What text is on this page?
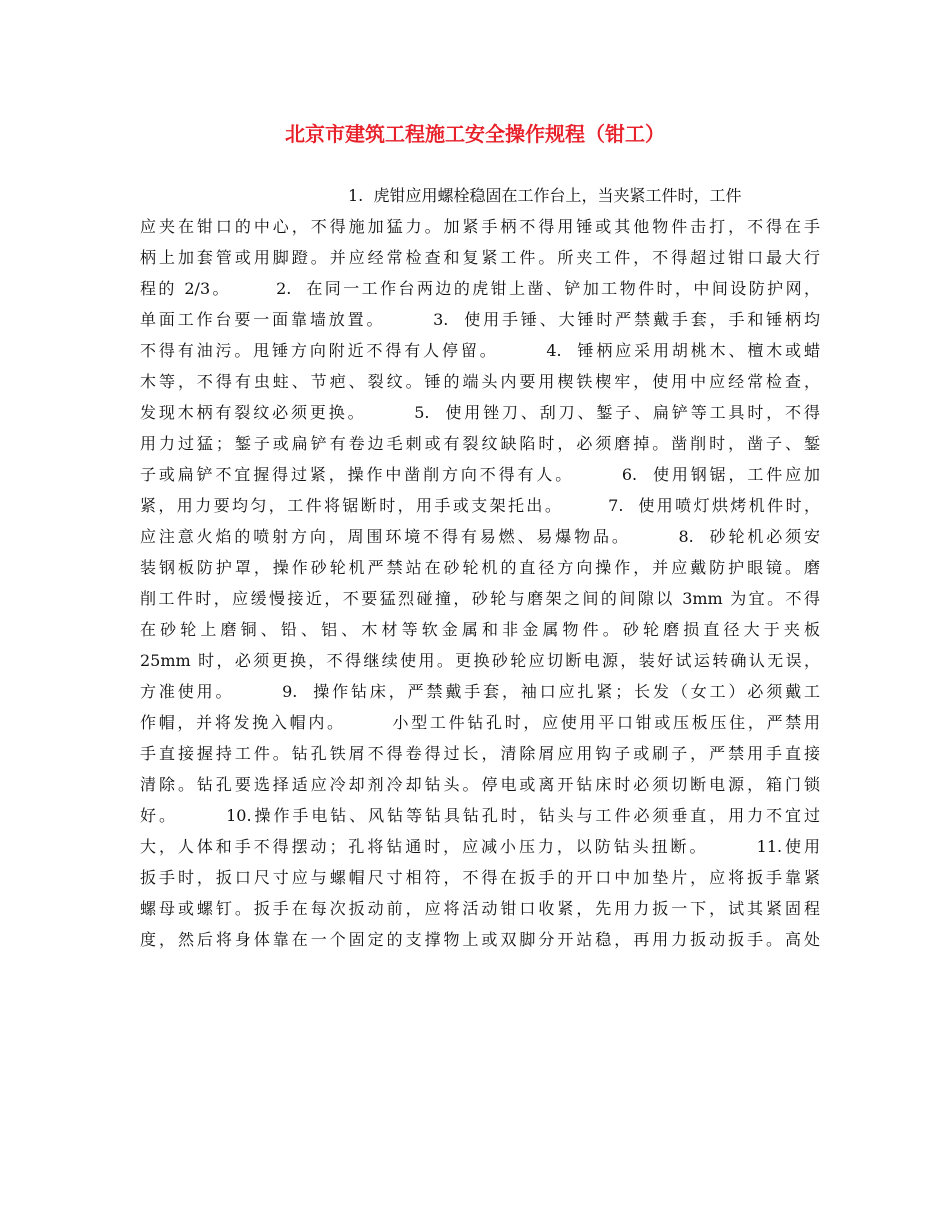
北京市建筑工程施工安全操作规程（钳工）
1.  虎钳应用螺栓稳固在工作台上，当夹紧工件时，工件
应夹在钳口的中心，不得施加猛力。加紧手柄不得用锤或其他物件击打，不得在手
柄上加套管或用脚蹬。并应经常检查和复紧工件。所夹工件，不得超过钳口最大行
程的 2/3。      2.  在同一工作台两边的虎钳上凿、铲加工物件时，中间设防护网，
单面工作台要一面靠墙放置。      3.  使用手锤、大锤时严禁戴手套，手和锤柄均
不得有油污。甩锤方向附近不得有人停留。      4.  锤柄应采用胡桃木、檀木或蜡
木等，不得有虫蛀、节疤、裂纹。锤的端头内要用楔铁楔牢，使用中应经常检查，
发现木柄有裂纹必须更换。      5.  使用锉刀、刮刀、錾子、扁铲等工具时，不得
用力过猛；錾子或扁铲有卷边毛刺或有裂纹缺陷时，必须磨掉。凿削时，凿子、錾
子或扁铲不宜握得过紧，操作中凿削方向不得有人。      6.  使用钢锯，工件应加
紧，用力要均匀，工件将锯断时，用手或支架托出。      7.  使用喷灯烘烤机件时，
应注意火焰的喷射方向，周围环境不得有易燃、易爆物品。      8.  砂轮机必须安
装钢板防护罩，操作砂轮机严禁站在砂轮机的直径方向操作，并应戴防护眼镜。磨
削工件时，应缓慢接近，不要猛烈碰撞，砂轮与磨架之间的间隙以 3mm 为宜。不得
在砂轮上磨铜、铅、铝、木材等软金属和非金属物件。砂轮磨损直径大于夹板
25mm 时，必须更换，不得继续使用。更换砂轮应切断电源，装好试运转确认无误，
方准使用。      9.  操作钻床，严禁戴手套，袖口应扎紧；长发（女工）必须戴工
作帽，并将发挽入帽内。      小型工件钻孔时，应使用平口钳或压板压住，严禁用
手直接握持工件。钻孔铁屑不得卷得过长，清除屑应用钩子或刷子，严禁用手直接
清除。钻孔要选择适应冷却剂冷却钻头。停电或离开钻床时必须切断电源，箱门锁
好。      10.操作手电钻、风钻等钻具钻孔时，钻头与工件必须垂直，用力不宜过
大，人体和手不得摆动；孔将钻通时，应减小压力，以防钻头扭断。      11.使用
扳手时，扳口尺寸应与螺帽尺寸相符，不得在扳手的开口中加垫片，应将扳手靠紧
螺母或螺钉。扳手在每次扳动前，应将活动钳口收紧，先用力扳一下，试其紧固程
度，然后将身体靠在一个固定的支撑物上或双脚分开站稳，再用力扳动扳手。高处
